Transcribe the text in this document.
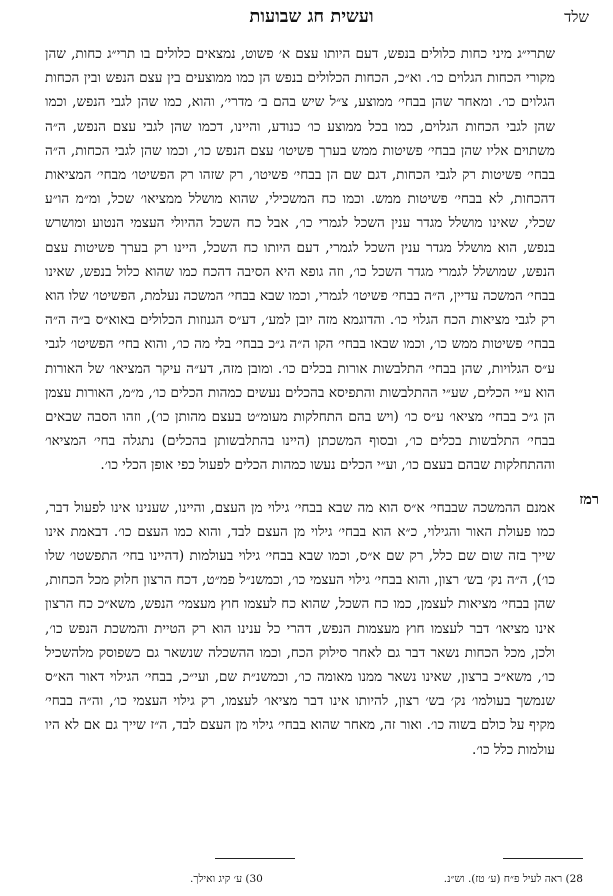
ועשית חג שבועות	שלד

שתרי״ג מיני כחות כלולים בנפש, דעם היותו עצם א׳ פשוט, נמצאים כלולים בו תרי״ג כחות, שהן מקורי הכחות הגלוים כו׳. וא״כ, הכחות הכלולים בנפש הן כמו ממוצעים בין עצם הנפש ובין הכחות הגלוים כו׳. ומאחר שהן בבחי׳ ממוצע, צ״ל שיש בהם ב׳ מדרי׳, והוא, כמו שהן לגבי הנפש, וכמו שהן לגבי הכחות הגלוים, כמו בכל ממוצע כו׳ כנודע, והיינו, דכמו שהן לגבי עצם הנפש, ה״ה משתוים אליו שהן בבחי׳ פשיטות ממש בערך פשיטו׳ עצם הנפש כו׳, וכמו שהן לגבי הכחות, ה״ה בבחי׳ פשיטות רק לגבי הכחות, דגם שם הן בבחי׳ פשיטו׳, רק שזהו רק הפשיטו׳ מבחי׳ המציאות דהכחות, לא בבחי׳ פשיטות ממש. וכמו כח המשכילי, שהוא מושלל ממציאו׳ שכל, ומ״מ הו״ע שכלי, שאינו מושלל מגדר ענין השכל לגמרי כו׳, אבל כח השכל ההיולי העצמי הנטוע ומושרש בנפש, הוא מושלל מגדר ענין השכל לגמרי, דעם היותו כח השכל, היינו רק בערך פשיטות עצם הנפש, שמושלל לגמרי מגדר השכל כו׳, וזה גופא היא הסיבה דהכח כמו שהוא כלול בנפש, שאינו בבחי׳ המשכה עדיין, ה״ה בבחי׳ פשיטו׳ לגמרי, וכמו שבא בבחי׳ המשכה נעלמת, הפשיטו׳ שלו הוא רק לגבי מציאות הכח הגלוי כו׳. והדוגמא מזה יובן למע׳, דע״ס הגנוזות הכלולים באוא״ס ב״ה ה״ה בבחי׳ פשיטות ממש כו׳, וכמו שבאו בבחי׳ הקו ה״ה ג״כ בבחי׳ בלי מה כו׳, והוא בחי׳ הפשיטו׳ לגבי ע״ס הגלויות, שהן בבחי׳ התלבשות אורות בכלים כו׳. ומובן מזה, דע״ה עיקר המציאו׳ של האורות הוא ע״י הכלים, שע״י ההתלבשות והתפיסא בהכלים נעשים כמהות הכלים כו׳, מ״מ, האורות עצמן הן ג״כ בבחי׳ מציאו׳ ע״ס כו׳ (ויש בהם התחלקות מעומ״ט בעצם מהותן כו׳), וזהו הסבה שבאים בבחי׳ התלבשות בכלים כו׳, ובסוף המשכתן (היינו בהתלבשותן בהכלים) נתגלה בחי׳ המציאו׳ וההתחלקות שבהם בעצם כו׳, וע״י הכלים נעשו כמהות הכלים לפעול כפי אופן הכלי כו׳.

אמנם ההמשכה שבבחי׳ א״ס הוא מה שבא בבחי׳ גילוי מן העצם, והיינו, שענינו אינו לפעול דבר, כמו פעולת האור והגילוי, כ״א הוא בבחי׳ גילוי מן העצם לבד, והוא כמו העצם כו׳. דבאמת אינו שייך בזה שום שם כלל, רק שם א״ס, וכמו שבא בבחי׳ גילוי בעולמות (דהיינו בחי׳ התפשטו׳ שלו כו׳), ה״ה נק׳ בש׳ רצון, והוא בבחי׳ גילוי העצמי כו׳, וכמשנ״ל פמ״ט, דכח הרצון חלוק מכל הכחות, שהן בבחי׳ מציאות לעצמן, כמו כח השכל, שהוא כח לעצמו חוץ מעצמי׳ הנפש, משא״כ כח הרצון אינו מציאו׳ דבר לעצמו חוץ מעצמות הנפש, דהרי כל ענינו הוא רק הטיית והמשכת הנפש כו׳, ולכן, מכל הכחות נשאר דבר גם לאחר סילוק הכח, וכמו ההשכלה שנשאר גם כשפוסק מלהשכיל כו׳, משא״כ ברצון, שאינו נשאר ממנו מאומה כו׳, וכמשנ״ת שם, ועי״כ, בבחי׳ הגילוי דאור הא״ס שנמשך בעולמו׳ נק׳ בש׳ רצון, להיותו אינו דבר מציאו׳ לעצמו, רק גילוי העצמי כו׳, וה״ה בבחי׳ מקיף על כולם בשוה כו׳. ואור זה, מאחר שהוא בבחי׳ גילוי מן העצם לבד, ה״ז שייך גם אם לא היו עולמות כלל כו׳.

רמז
28) ראה לעיל פ״ח (ע׳ טז). וש״נ.
30) ע׳ קיג ואילך.
